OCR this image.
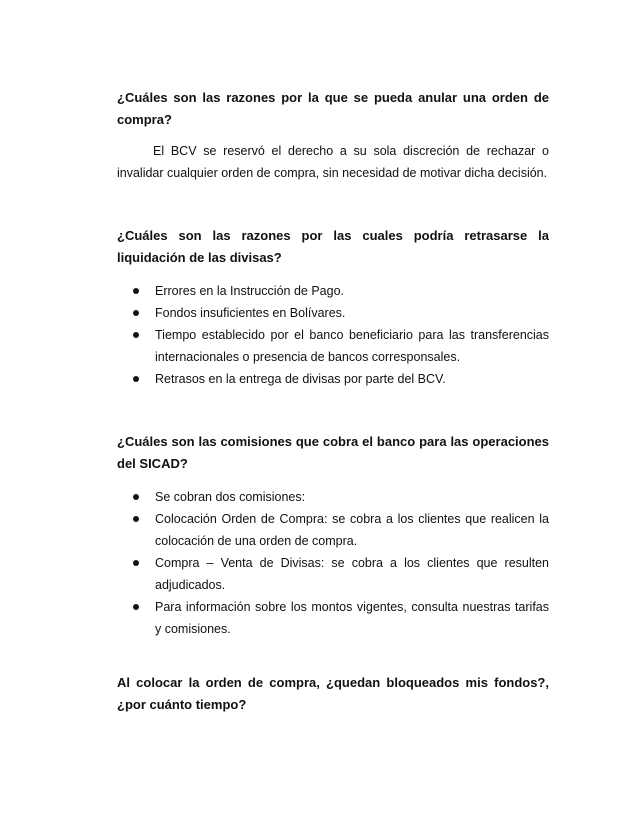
¿Cuáles son las razones por la que se pueda anular una orden de compra?
El BCV se reservó el derecho a su sola discreción de rechazar o invalidar cualquier orden de compra, sin necesidad de motivar dicha decisión.
¿Cuáles son las razones por las cuales podría retrasarse la liquidación de las divisas?
Errores en la Instrucción de Pago.
Fondos insuficientes en Bolívares.
Tiempo establecido por el banco beneficiario para las transferencias internacionales o presencia de bancos corresponsales.
Retrasos en la entrega de divisas por parte del BCV.
¿Cuáles son las comisiones que cobra el banco para las operaciones del SICAD?
Se cobran dos comisiones:
Colocación Orden de Compra: se cobra a los clientes que realicen la colocación de una orden de compra.
Compra – Venta de Divisas: se cobra a los clientes que resulten adjudicados.
Para información sobre los montos vigentes, consulta nuestras tarifas y comisiones.
Al colocar la orden de compra, ¿quedan bloqueados mis fondos?, ¿por cuánto tiempo?
